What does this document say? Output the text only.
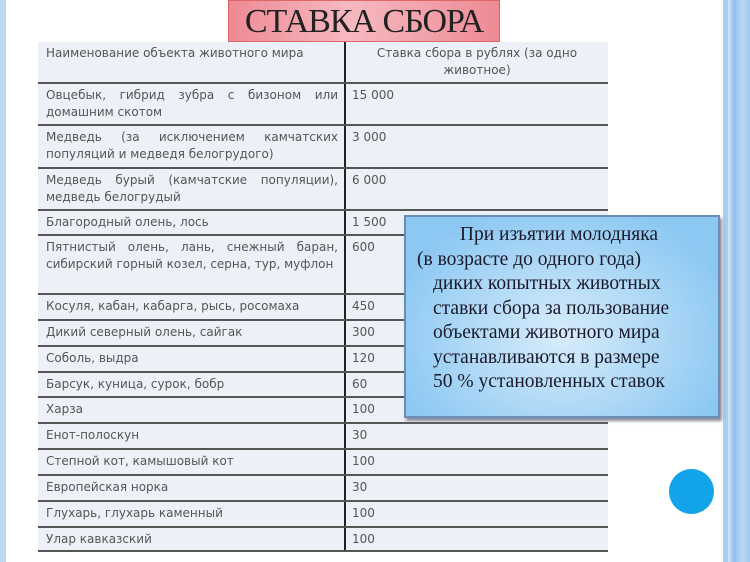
Наименование объекта животного мира	Ставка сбора в рублях (за одно животное)
Овцебык, гибрид зубра с бизоном или домашним скотом	15 000
Медведь (за исключением камчатских популяций и медведя белогрудого)	3 000
Медведь бурый (камчатские популяции), медведь белогрудый	6 000
Благородный олень, лось	1 500
Пятнистый олень, лань, снежный баран, сибирский горный козел, серна, тур, муфлон	600
Косуля, кабан, кабарга, рысь, росомаха	450
Дикий северный олень, сайгак	300
Соболь, выдра	120
Барсук, куница, сурок, бобр	60
Харза	100
Енот-полоскун	30
Степной кот, камышовый кот	100
Европейская норка	30
Глухарь, глухарь каменный	100
Улар кавказский	100
СТАВКА СБОРА
При изъятии молодняка
(в возрасте до одного года)
диких копытных животных
ставки сбора за пользование
объектами животного мира
устанавливаются в размере
50 % установленных ставок
